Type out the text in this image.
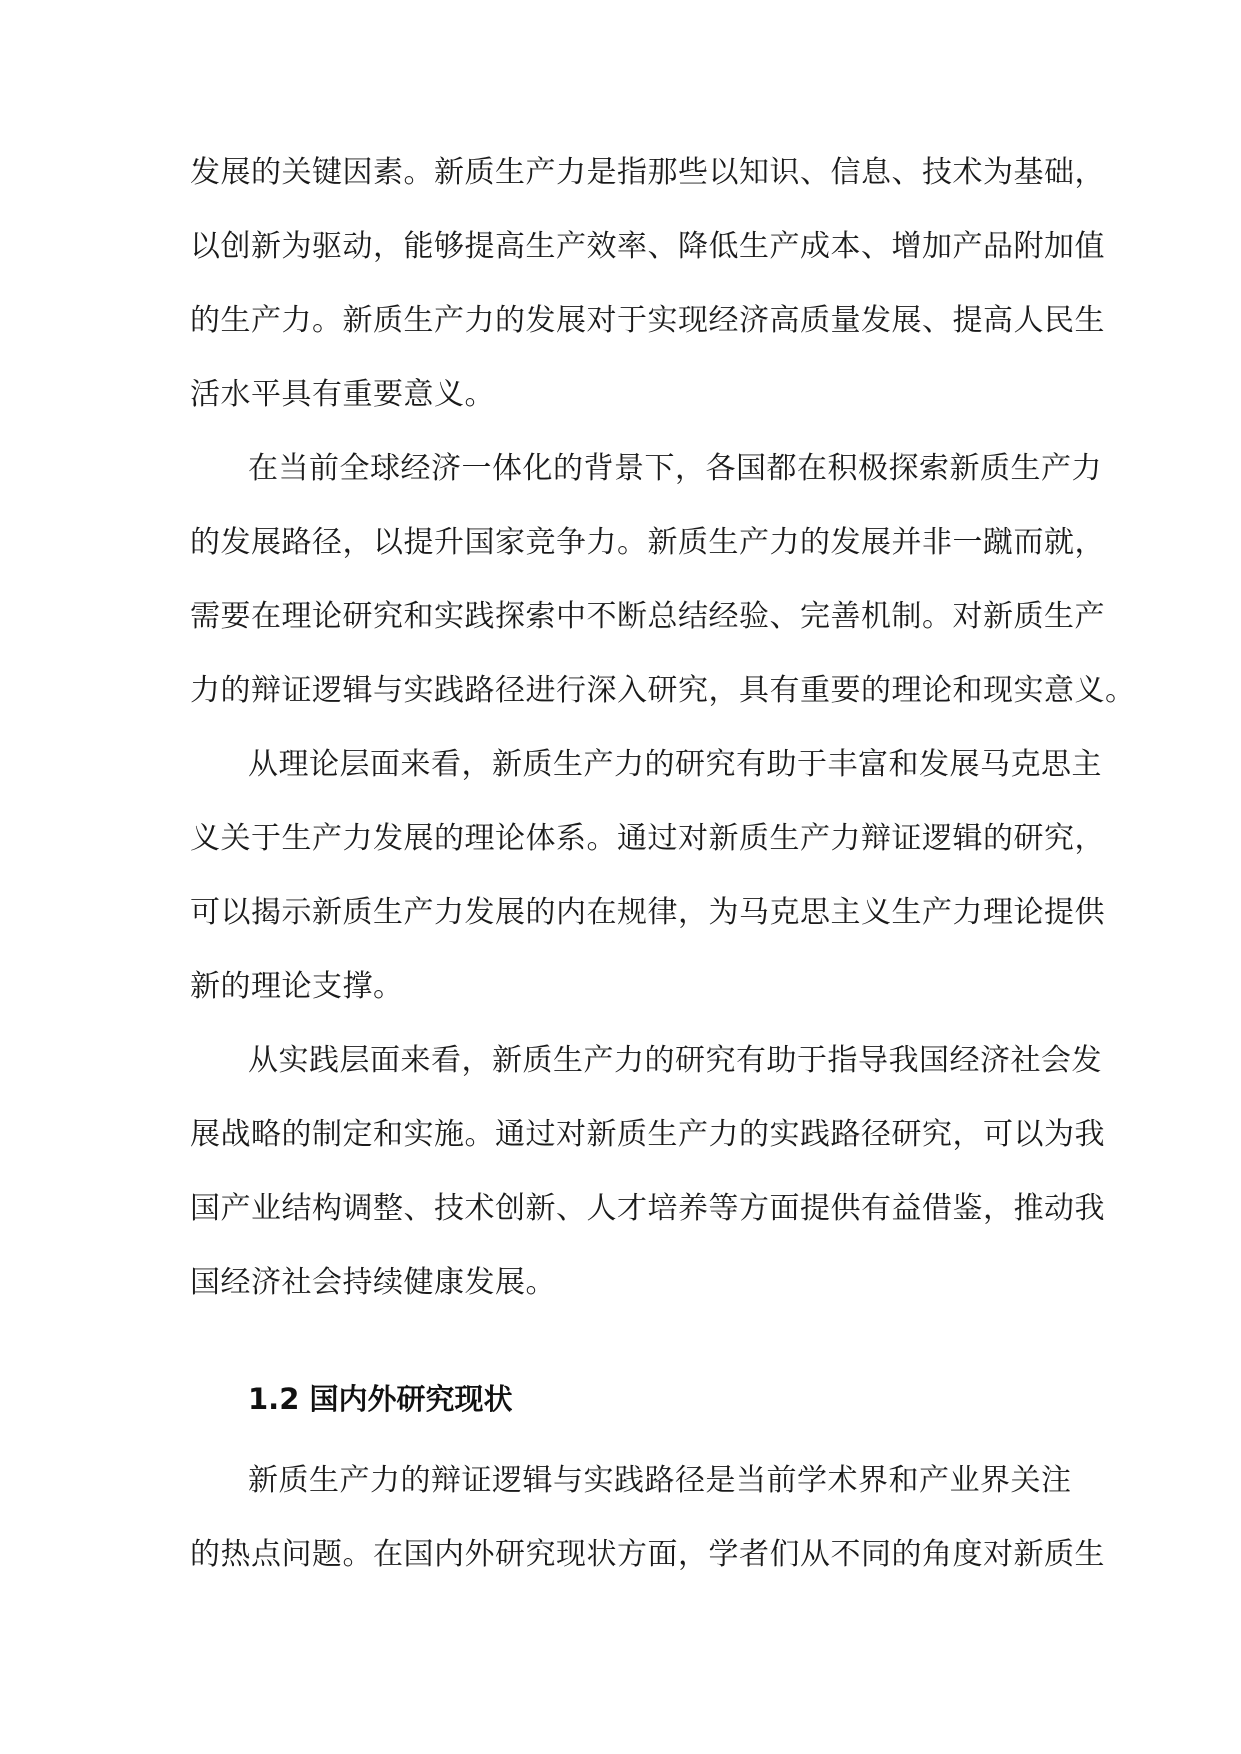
发展的关键因素。新质生产力是指那些以知识、信息、技术为基础，
以创新为驱动，能够提高生产效率、降低生产成本、增加产品附加值
的生产力。新质生产力的发展对于实现经济高质量发展、提高人民生
活水平具有重要意义。
在当前全球经济一体化的背景下，各国都在积极探索新质生产力
的发展路径，以提升国家竞争力。新质生产力的发展并非一蹴而就，
需要在理论研究和实践探索中不断总结经验、完善机制。对新质生产
力的辩证逻辑与实践路径进行深入研究，具有重要的理论和现实意义。
从理论层面来看，新质生产力的研究有助于丰富和发展马克思主
义关于生产力发展的理论体系。通过对新质生产力辩证逻辑的研究，
可以揭示新质生产力发展的内在规律，为马克思主义生产力理论提供
新的理论支撑。
从实践层面来看，新质生产力的研究有助于指导我国经济社会发
展战略的制定和实施。通过对新质生产力的实践路径研究，可以为我
国产业结构调整、技术创新、人才培养等方面提供有益借鉴，推动我
国经济社会持续健康发展。
1.2 国内外研究现状
新质生产力的辩证逻辑与实践路径是当前学术界和产业界关注
的热点问题。在国内外研究现状方面，学者们从不同的角度对新质生
